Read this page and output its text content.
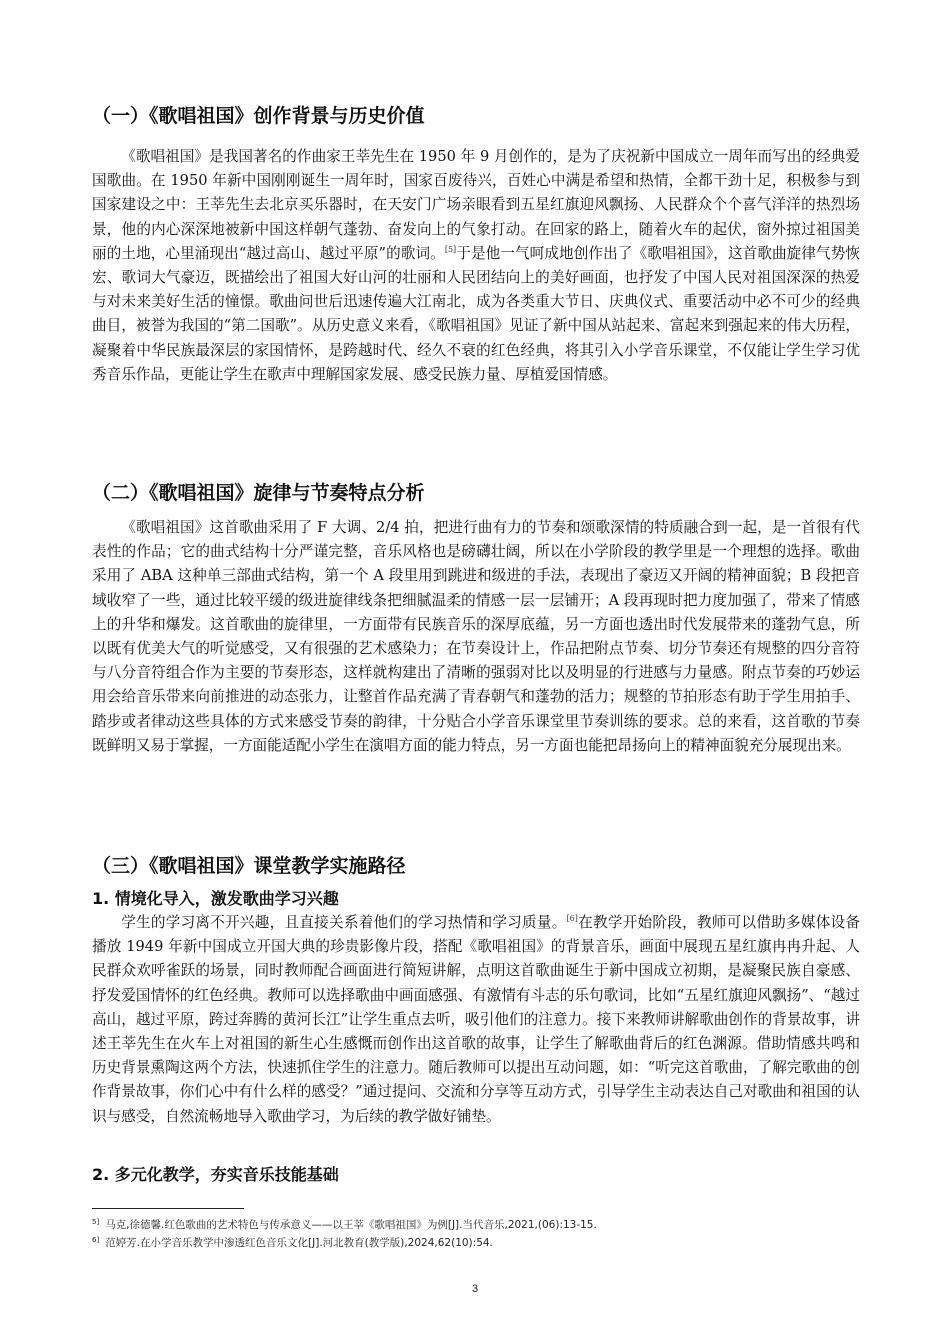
（一）《歌唱祖国》创作背景与历史价值

《歌唱祖国》是我国著名的作曲家王莘先生在 1950 年 9 月创作的，是为了庆祝新中国成立一周年而写出的经典爱国歌曲。在 1950 年新中国刚刚诞生一周年时，国家百废待兴，百姓心中满是希望和热情，全都干劲十足，积极参与到国家建设之中：王莘先生去北京买乐器时，在天安门广场亲眼看到五星红旗迎风飘扬、人民群众个个喜气洋洋的热烈场景，他的内心深深地被新中国这样朝气蓬勃、奋发向上的气象打动。在回家的路上，随着火车的起伏，窗外掠过祖国美丽的土地，心里涌现出“越过高山、越过平原”的歌词。[5]于是他一气呵成地创作出了《歌唱祖国》，这首歌曲旋律气势恢宏、歌词大气豪迈，既描绘出了祖国大好山河的壮丽和人民团结向上的美好画面，也抒发了中国人民对祖国深深的热爱与对未来美好生活的憧憬。歌曲问世后迅速传遍大江南北，成为各类重大节日、庆典仪式、重要活动中必不可少的经典曲目，被誉为我国的“第二国歌”。从历史意义来看，《歌唱祖国》见证了新中国从站起来、富起来到强起来的伟大历程，凝聚着中华民族最深层的家国情怀，是跨越时代、经久不衰的红色经典，将其引入小学音乐课堂，不仅能让学生学习优秀音乐作品，更能让学生在歌声中理解国家发展、感受民族力量、厚植爱国情感。

（二）《歌唱祖国》旋律与节奏特点分析

《歌唱祖国》这首歌曲采用了 F 大调、2/4 拍，把进行曲有力的节奏和颂歌深情的特质融合到一起，是一首很有代表性的作品；它的曲式结构十分严谨完整，音乐风格也是磅礴壮阔，所以在小学阶段的教学里是一个理想的选择。歌曲采用了 ABA 这种单三部曲式结构，第一个 A 段里用到跳进和级进的手法，表现出了豪迈又开阔的精神面貌；B 段把音域收窄了一些，通过比较平缓的级进旋律线条把细腻温柔的情感一层一层铺开；A 段再现时把力度加强了，带来了情感上的升华和爆发。这首歌曲的旋律里，一方面带有民族音乐的深厚底蕴，另一方面也透出时代发展带来的蓬勃气息，所以既有优美大气的听觉感受，又有很强的艺术感染力；在节奏设计上，作品把附点节奏、切分节奏还有规整的四分音符与八分音符组合作为主要的节奏形态，这样就构建出了清晰的强弱对比以及明显的行进感与力量感。附点节奏的巧妙运用会给音乐带来向前推进的动态张力，让整首作品充满了青春朝气和蓬勃的活力；规整的节拍形态有助于学生用拍手、踏步或者律动这些具体的方式来感受节奏的韵律，十分贴合小学音乐课堂里节奏训练的要求。总的来看，这首歌的节奏既鲜明又易于掌握，一方面能适配小学生在演唱方面的能力特点，另一方面也能把昂扬向上的精神面貌充分展现出来。

（三）《歌唱祖国》课堂教学实施路径
1. 情境化导入，激发歌曲学习兴趣

学生的学习离不开兴趣，且直接关系着他们的学习热情和学习质量。[6]在教学开始阶段，教师可以借助多媒体设备播放 1949 年新中国成立开国大典的珍贵影像片段，搭配《歌唱祖国》的背景音乐，画面中展现五星红旗冉冉升起、人民群众欢呼雀跃的场景，同时教师配合画面进行简短讲解，点明这首歌曲诞生于新中国成立初期，是凝聚民族自豪感、抒发爱国情怀的红色经典。教师可以选择歌曲中画面感强、有激情有斗志的乐句歌词，比如“五星红旗迎风飘扬”、“越过高山，越过平原，跨过奔腾的黄河长江”让学生重点去听，吸引他们的注意力。接下来教师讲解歌曲创作的背景故事，讲述王莘先生在火车上对祖国的新生心生感慨而创作出这首歌的故事，让学生了解歌曲背后的红色渊源。借助情感共鸣和历史背景熏陶这两个方法，快速抓住学生的注意力。随后教师可以提出互动问题，如：“听完这首歌曲，了解完歌曲的创作背景故事，你们心中有什么样的感受？”通过提问、交流和分享等互动方式，引导学生主动表达自己对歌曲和祖国的认识与感受，自然流畅地导入歌曲学习，为后续的教学做好铺垫。

2. 多元化教学，夯实音乐技能基础

$^{5]}$ 马克,徐德馨.红色歌曲的艺术特色与传承意义——以王莘《歌唱祖国》为例[J].当代音乐,2021,(06):13-15.

$^{6]}$ 范婷芳.在小学音乐教学中渗透红色音乐文化[J].河北教育(教学版),2024,62(10):54.

3
